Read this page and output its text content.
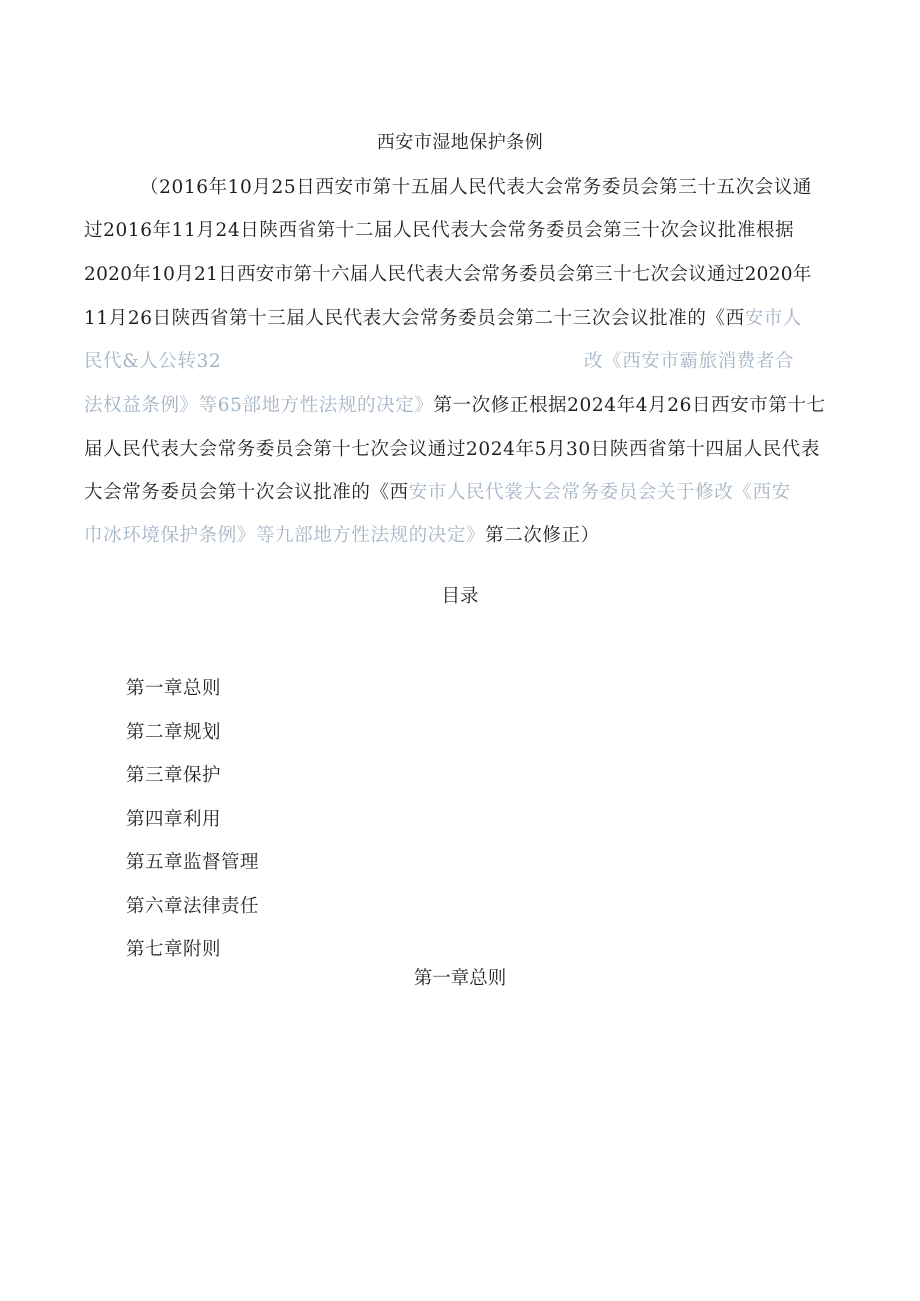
西安市湿地保护条例
（2016年10月25日西安市第十五届人民代表大会常务委员会第三十五次会议通
过2016年11月24日陕西省第十二届人民代表大会常务委员会第三十次会议批准根据
2020年10月21日西安市第十六届人民代表大会常务委员会第三十七次会议通过2020年
11月26日陕西省第十三届人民代表大会常务委员会第二十三次会议批准的《西安市人
民代&人公转32	改《西安市霸旅消费者合
法权益条例》等65部地方性法规的决定》第一次修正根据2024年4月26日西安市第十七
届人民代表大会常务委员会第十七次会议通过2024年5月30日陕西省第十四届人民代表
大会常务委员会第十次会议批准的《西安市人民代裳大会常务委员会关于修改《西安
巾冰环境保护条例》等九部地方性法规的决定》第二次修正）
目录
第一章总则
第二章规划
第三章保护
第四章利用
第五章监督管理
第六章法律责任
第七章附则
第一章总则
